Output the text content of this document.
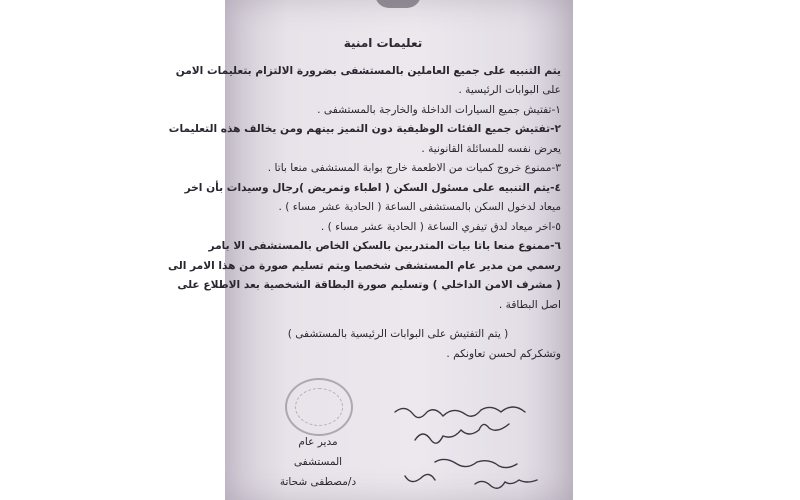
تعليمات امنية
يتم التنبيه على جميع العاملين بالمستشفى بضرورة الالتزام بتعليمات الامن
على البوابات الرئيسية .
١-تفتيش جميع السيارات الداخلة والخارجة بالمستشفى .
٢-تفتيش جميع الفئات الوظيفية دون التميز بينهم ومن يخالف هذه التعليمات
يعرض نفسه للمسائلة القانونية .
٣-ممنوع خروج كميات من الاطعمة خارج بوابة المستشفى منعا باتا .
٤-يتم التنبيه على مسئول السكن ( اطباء وتمريض )رجال وسيدات بأن اخر
ميعاد لدخول السكن بالمستشفى الساعة ( الحادية عشر مساء ) .
٥-اخر ميعاد لدق تيفري الساعة ( الحادية عشر مساء ) .
٦-ممنوع منعا باتا بيات المتدربين بالسكن الخاص بالمستشفى الا بامر
رسمي من مدير عام المستشفى شخصيا ويتم تسليم صورة من هذا الامر الى
( مشرف الامن الداخلي ) وتسليم صورة البطاقة الشخصية بعد الاطلاع على
اصل البطاقة .
( يتم التفتيش على البوابات الرئيسية بالمستشفى )
وتشكركم لحسن تعاونكم .
مدير عام المستشفى
د/مصطفى شحاتة
